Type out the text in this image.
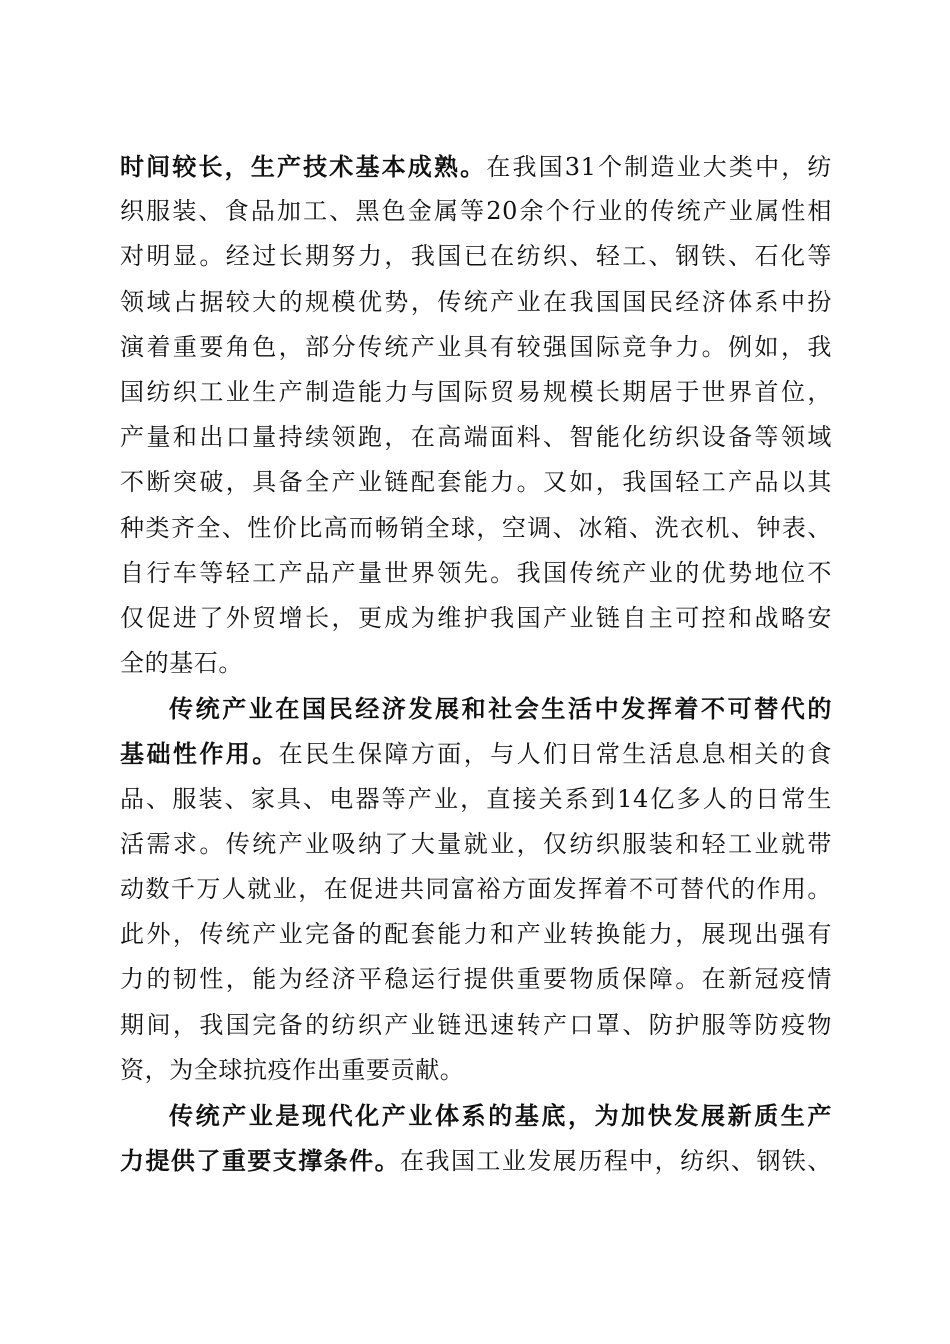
时间较长，生产技术基本成熟。在我国31个制造业大类中，纺
织服装、食品加工、黑色金属等20余个行业的传统产业属性相
对明显。经过长期努力，我国已在纺织、轻工、钢铁、石化等
领域占据较大的规模优势，传统产业在我国国民经济体系中扮
演着重要角色，部分传统产业具有较强国际竞争力。例如，我
国纺织工业生产制造能力与国际贸易规模长期居于世界首位，
产量和出口量持续领跑，在高端面料、智能化纺织设备等领域
不断突破，具备全产业链配套能力。又如，我国轻工产品以其
种类齐全、性价比高而畅销全球，空调、冰箱、洗衣机、钟表、
自行车等轻工产品产量世界领先。我国传统产业的优势地位不
仅促进了外贸增长，更成为维护我国产业链自主可控和战略安
全的基石。
传统产业在国民经济发展和社会生活中发挥着不可替代的
基础性作用。在民生保障方面，与人们日常生活息息相关的食
品、服装、家具、电器等产业，直接关系到14亿多人的日常生
活需求。传统产业吸纳了大量就业，仅纺织服装和轻工业就带
动数千万人就业，在促进共同富裕方面发挥着不可替代的作用。
此外，传统产业完备的配套能力和产业转换能力，展现出强有
力的韧性，能为经济平稳运行提供重要物质保障。在新冠疫情
期间，我国完备的纺织产业链迅速转产口罩、防护服等防疫物
资，为全球抗疫作出重要贡献。
传统产业是现代化产业体系的基底，为加快发展新质生产
力提供了重要支撑条件。在我国工业发展历程中，纺织、钢铁、
